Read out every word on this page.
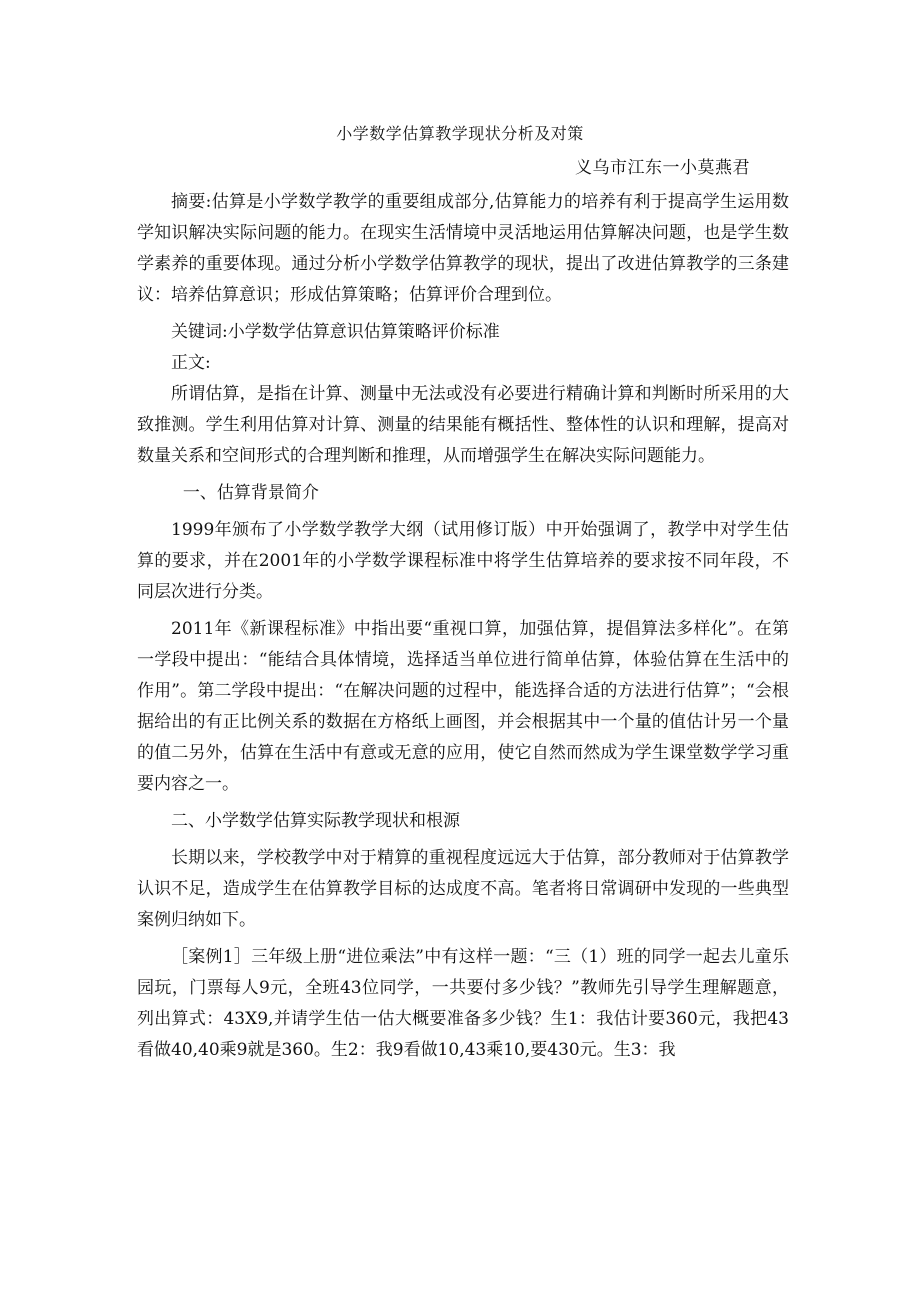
小学数学估算教学现状分析及对策
义乌市江东一小莫燕君

摘要:估算是小学数学教学的重要组成部分,估算能力的培养有利于提高学生运用数学知识解决实际问题的能力。在现实生活情境中灵活地运用估算解决问题，也是学生数学素养的重要体现。通过分析小学数学估算教学的现状，提出了改进估算教学的三条建议：培养估算意识；形成估算策略；估算评价合理到位。

关键词:小学数学估算意识估算策略评价标准

正文:

所谓估算，是指在计算、测量中无法或没有必要进行精确计算和判断时所采用的大致推测。学生利用估算对计算、测量的结果能有概括性、整体性的认识和理解，提高对数量关系和空间形式的合理判断和推理，从而增强学生在解决实际问题能力。

一、估算背景简介

1999年颁布了小学数学教学大纲（试用修订版）中开始强调了，教学中对学生估算的要求，并在2001年的小学数学课程标准中将学生估算培养的要求按不同年段，不同层次进行分类。

2011年《新课程标准》中指出要“重视口算，加强估算，提倡算法多样化”。在第一学段中提出：“能结合具体情境，选择适当单位进行简单估算，体验估算在生活中的作用”。第二学段中提出：“在解决问题的过程中，能选择合适的方法进行估算”；“会根据给出的有正比例关系的数据在方格纸上画图，并会根据其中一个量的值估计另一个量的值二另外，估算在生活中有意或无意的应用，使它自然而然成为学生课堂数学学习重要内容之一。

二、小学数学估算实际教学现状和根源

长期以来，学校教学中对于精算的重视程度远远大于估算，部分教师对于估算教学认识不足，造成学生在估算教学目标的达成度不高。笔者将日常调研中发现的一些典型案例归纳如下。

［案例1］三年级上册“进位乘法”中有这样一题：“三（1）班的同学一起去儿童乐园玩，门票每人9元，全班43位同学，一共要付多少钱？”教师先引导学生理解题意，列出算式：43X9,并请学生估一估大概要准备多少钱？生1：我估计要360元，我把43看做40,40乘9就是360。生2：我9看做10,43乘10,要430元。生3：我
